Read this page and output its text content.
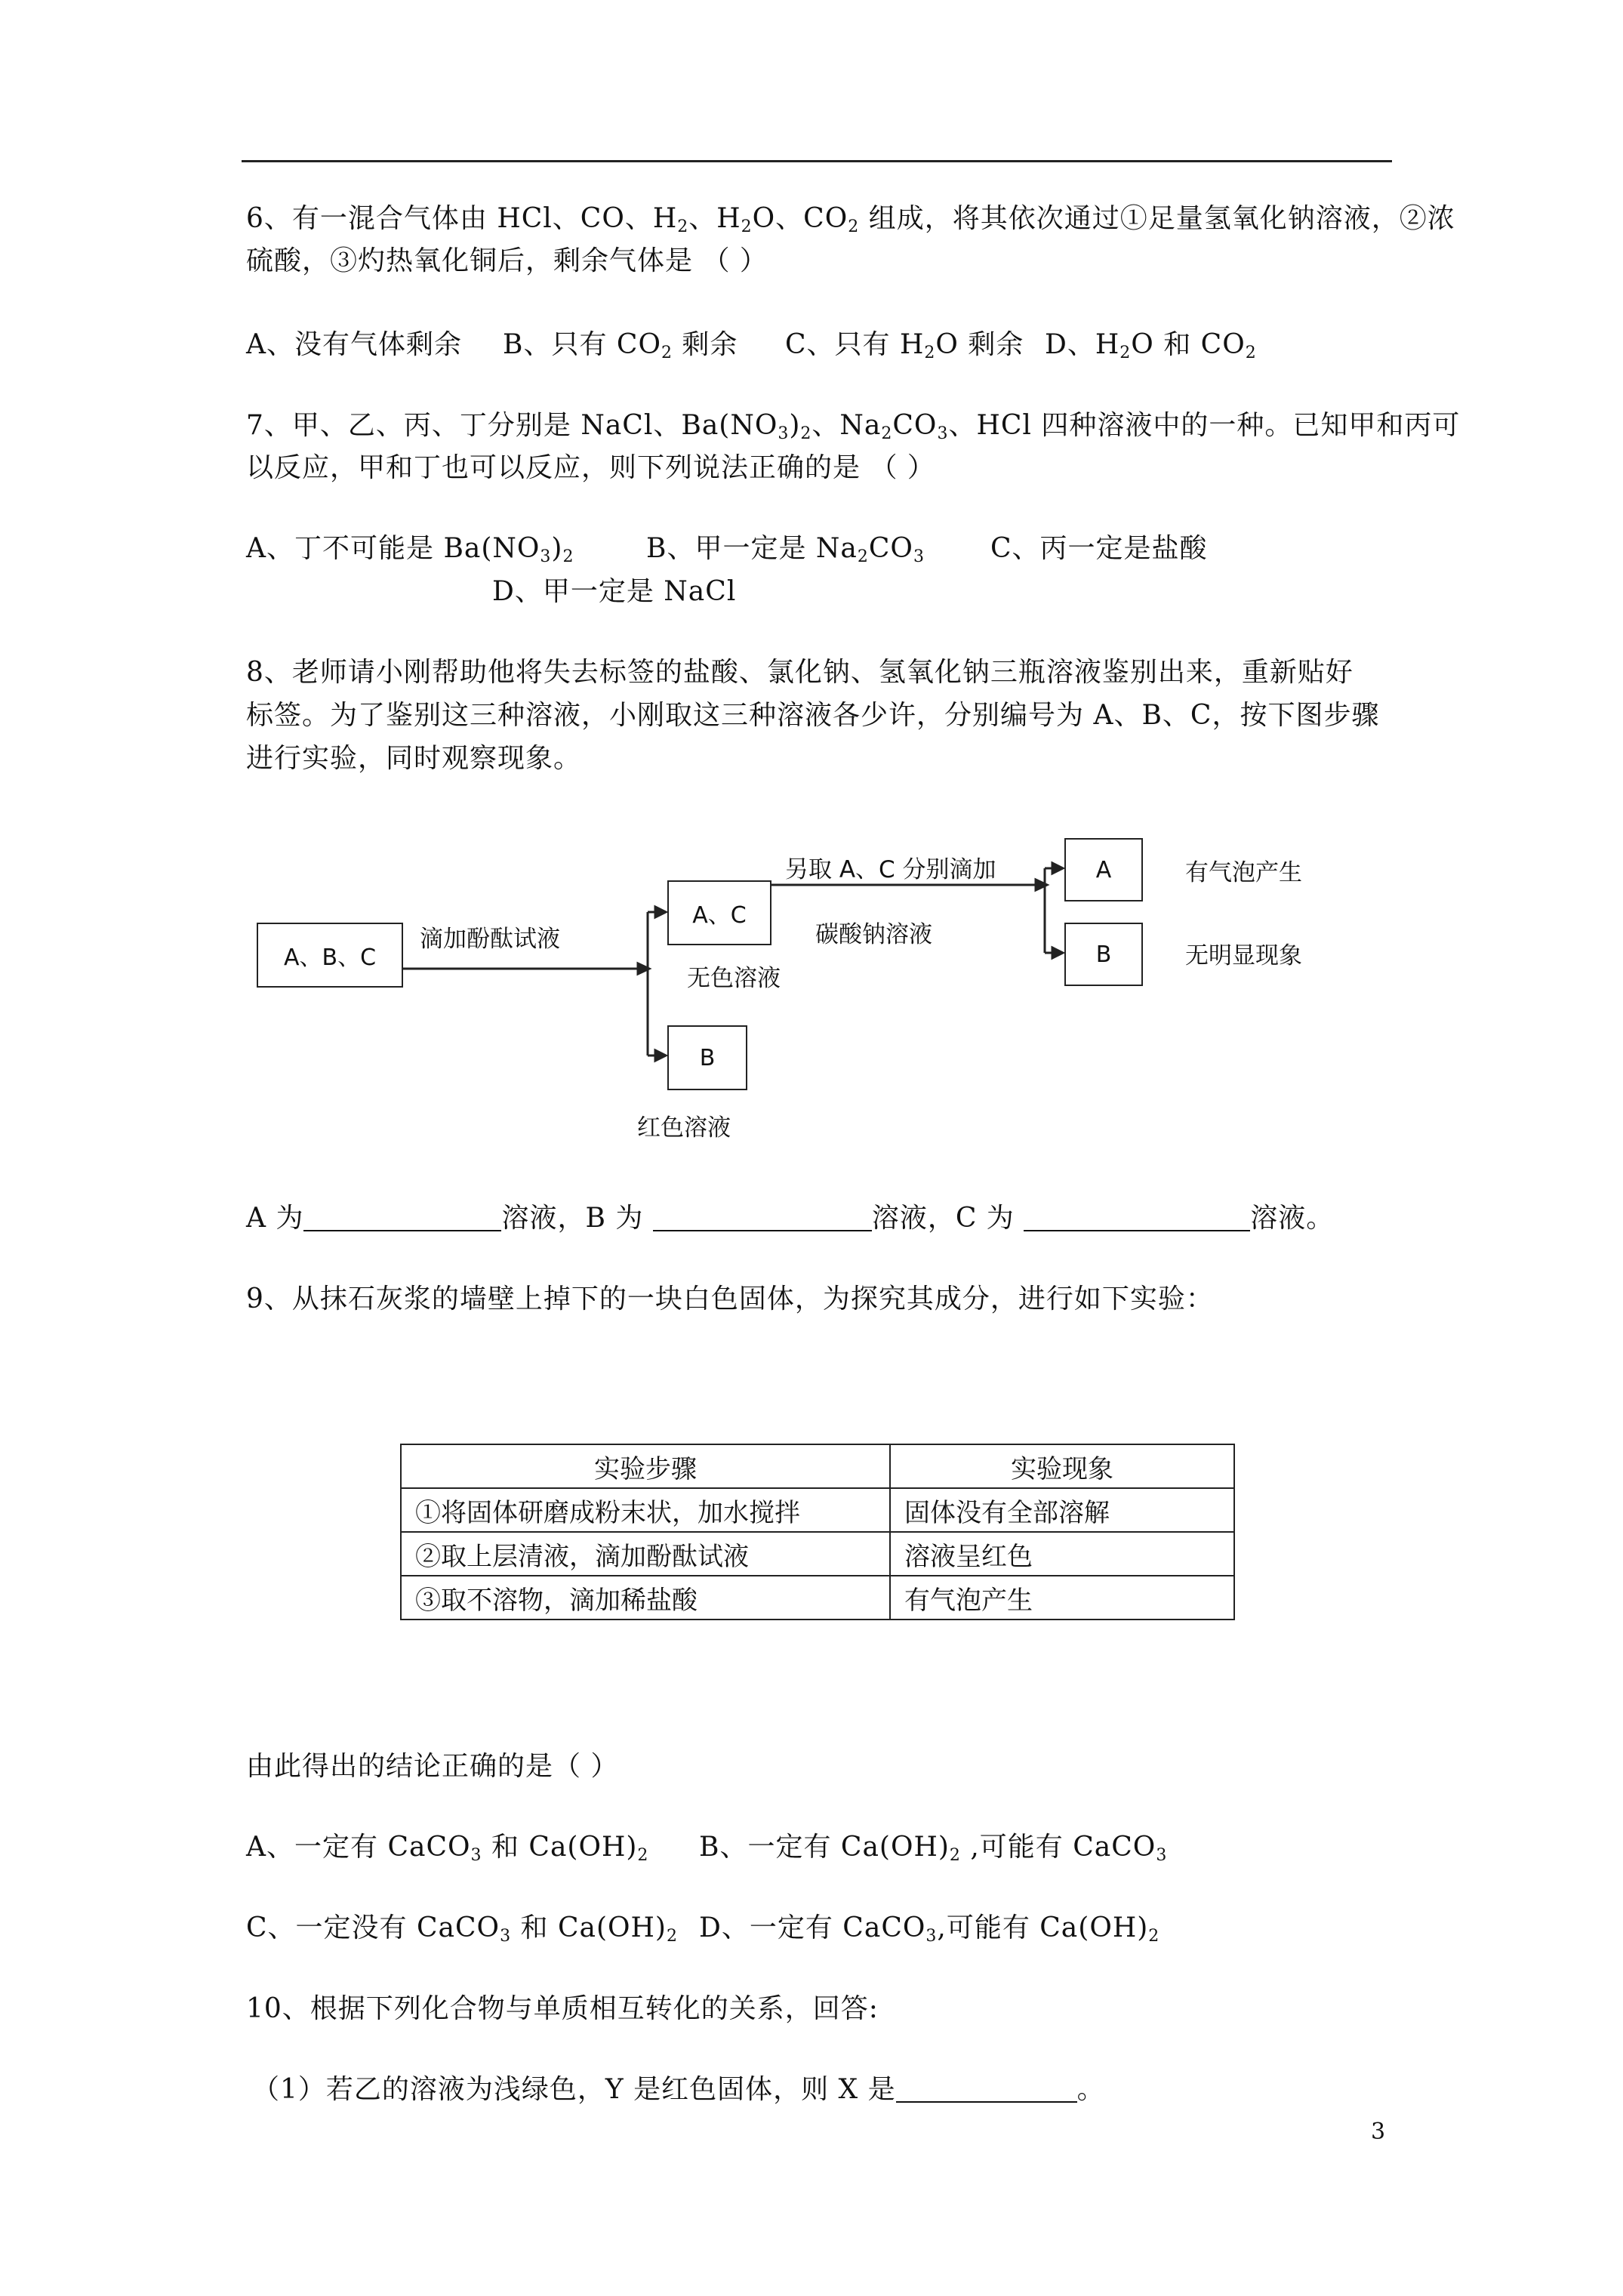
6、有一混合气体由 HCl、CO、$H_2$、$H_2O$、$CO_2$ 组成，将其依次通过①足量氢氧化钠溶液，②浓
硫酸，③灼热氧化铜后，剩余气体是 （ ）
A、没有气体剩余 B、只有 $CO_2$ 剩余 C、只有 $H_2O$ 剩余 D、$H_2O$ 和 $CO_2$
7、甲、乙、丙、丁分别是 NaCl、$Ba(NO_3)_2$、$Na_2CO_3$、HCl 四种溶液中的一种。已知甲和丙可
以反应，甲和丁也可以反应，则下列说法正确的是 （ ）
A、丁不可能是 $Ba(NO_3)_2$	B、甲一定是 $Na_2CO_3$ C、丙一定是盐酸
D、甲一定是 NaCl
8、老师请小刚帮助他将失去标签的盐酸、氯化钠、氢氧化钠三瓶溶液鉴别出来，重新贴好
标签。为了鉴别这三种溶液，小刚取这三种溶液各少许，分别编号为 A、B、C，按下图步骤
进行实验，同时观察现象。
A、B、C
滴加酚酞试液
A、C
无色溶液
B
红色溶液
另取 A、C 分别滴加
碳酸钠溶液
A	有气泡产生
B	无明显现象
A 为	溶液，B 为	溶液，C 为	溶液。
9、从抹石灰浆的墙壁上掉下的一块白色固体，为探究其成分，进行如下实验：
实验步骤	实验现象
①将固体研磨成粉末状，加水搅拌	固体没有全部溶解
②取上层清液，滴加酚酞试液	溶液呈红色
③取不溶物，滴加稀盐酸	有气泡产生
由此得出的结论正确的是（ ）
A、一定有 CaCO$_3$ 和 $Ca(OH)_2$ B、一定有 $Ca(OH)_2$ ,可能有 CaCO$_3$
C、一定没有 CaCO$_3$ 和 $Ca(OH)_2$ D、一定有 CaCO$_3$,可能有 $Ca(OH)_2$
10、根据下列化合物与单质相互转化的关系，回答:
（1）若乙的溶液为浅绿色，Y 是红色固体，则 X 是	。
3
